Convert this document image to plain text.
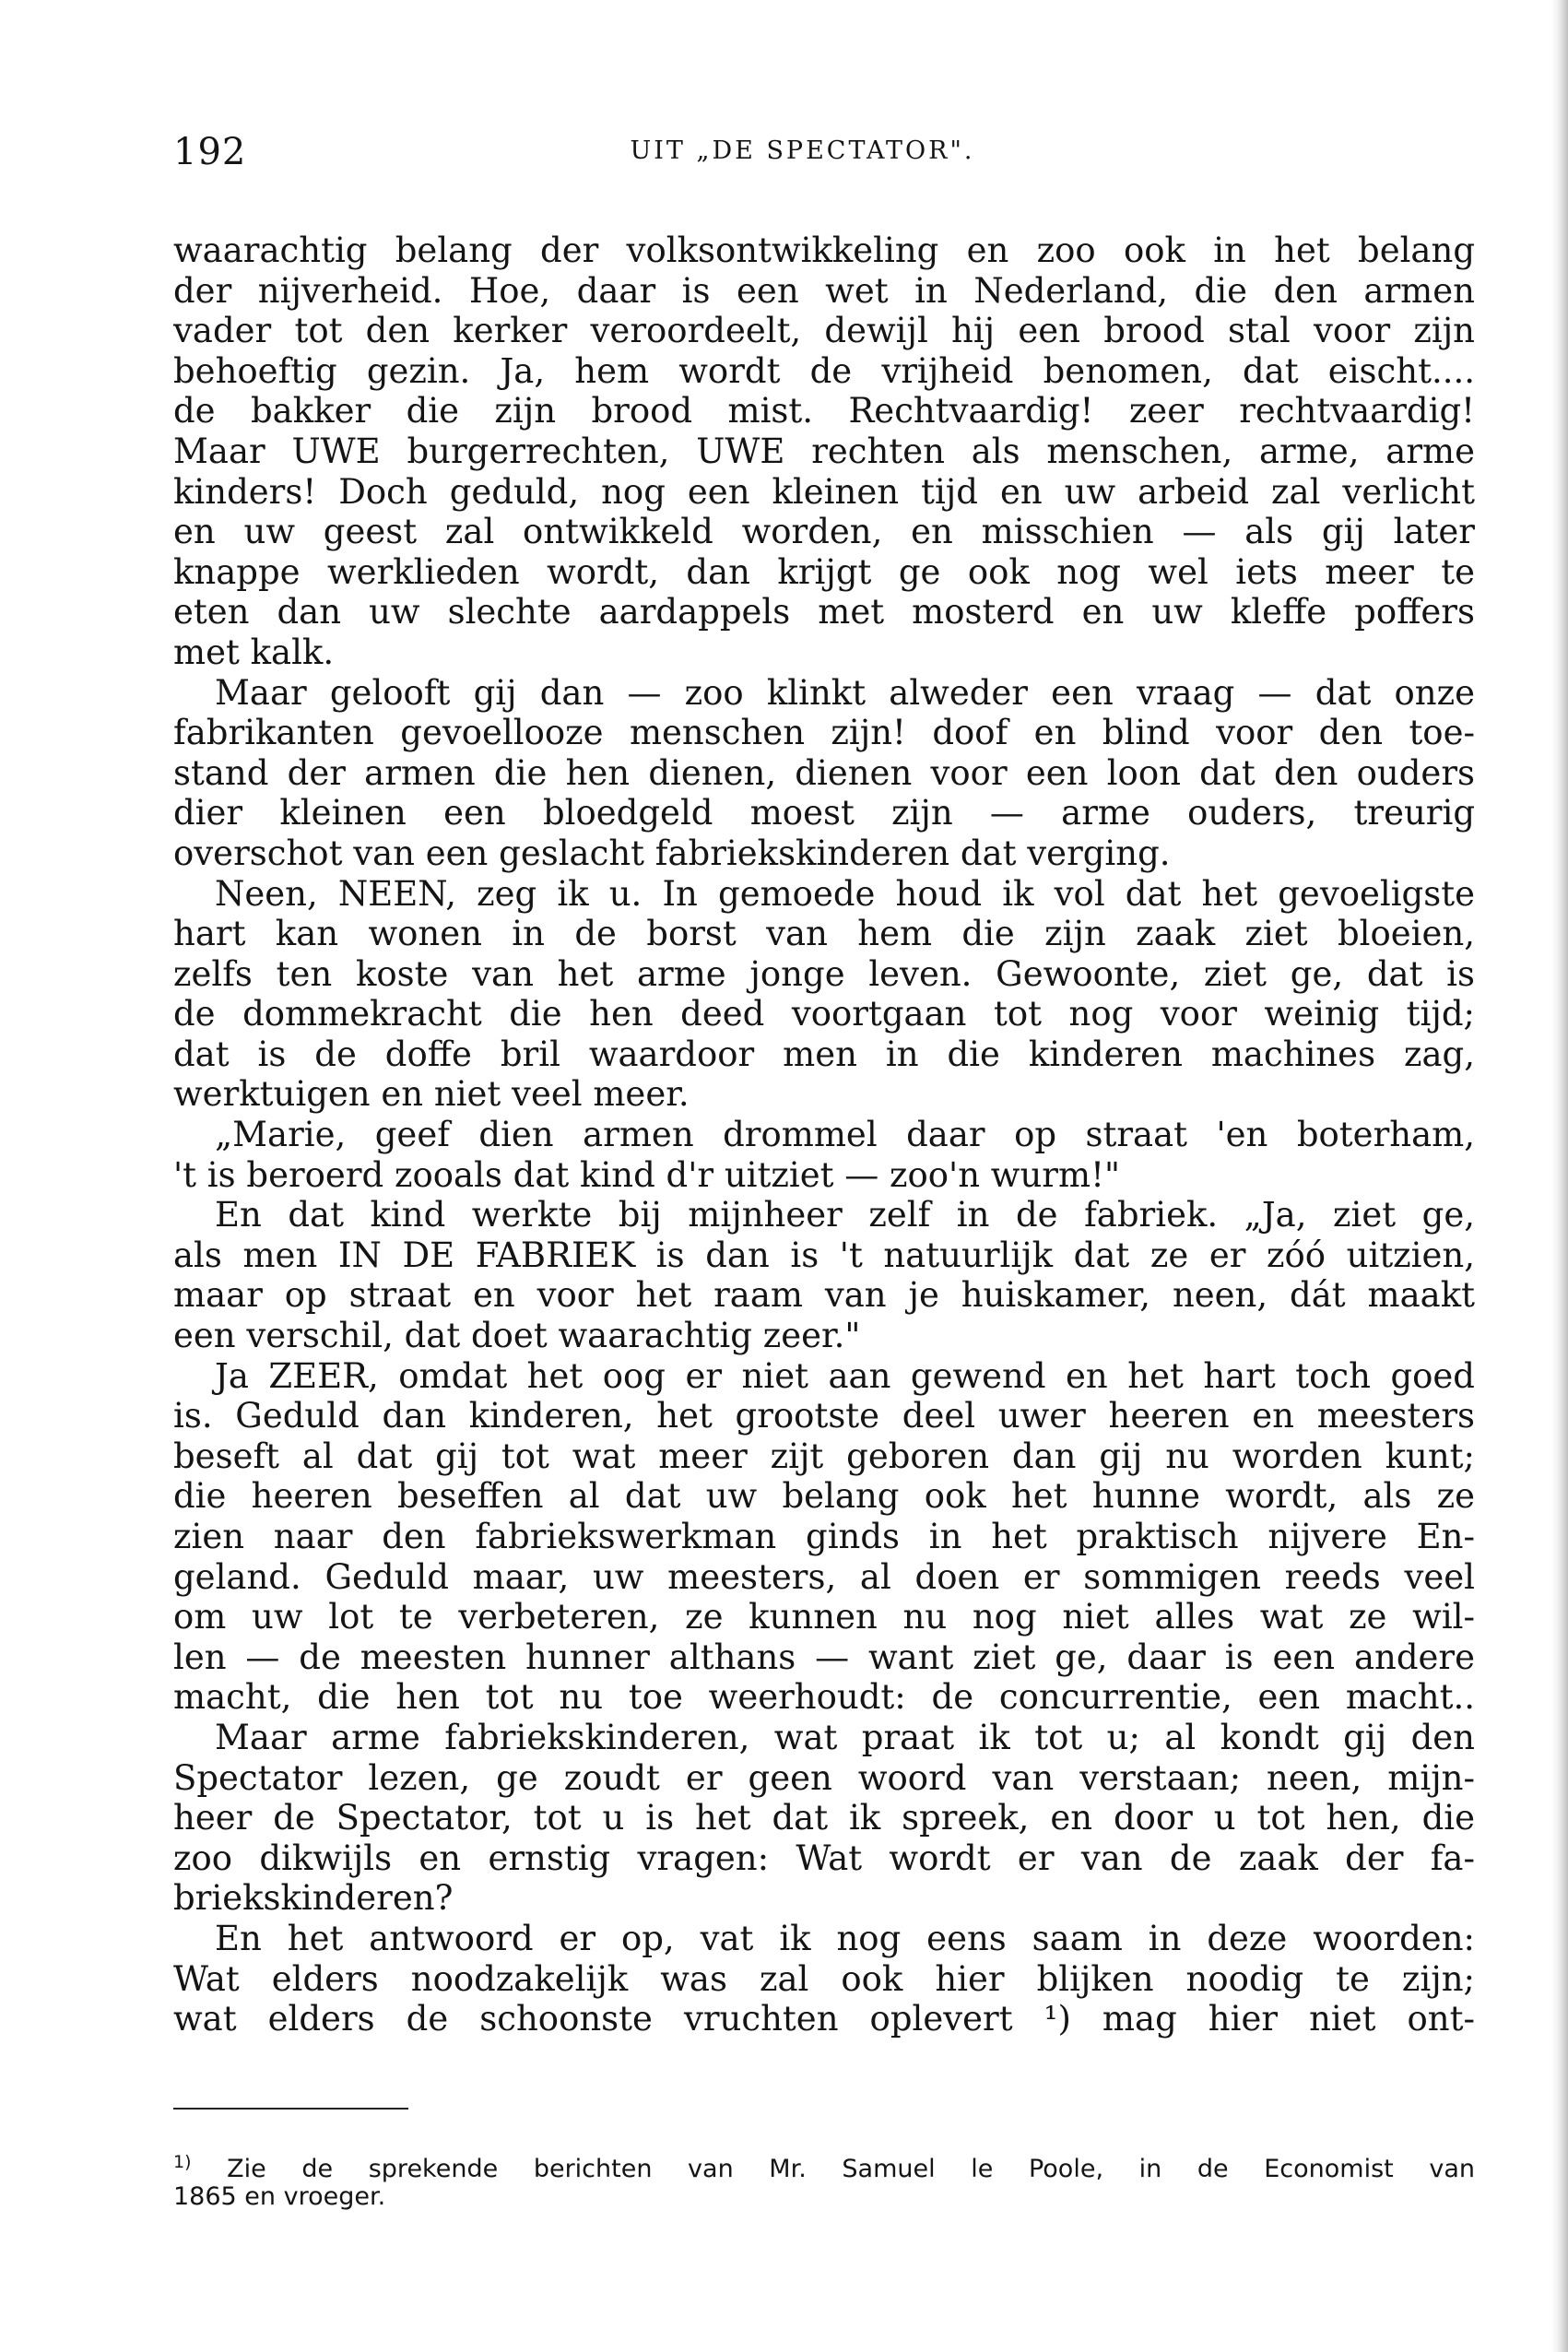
192	UIT „DE SPECTATOR".
waarachtig belang der volksontwikkeling en zoo ook in het belang
der nijverheid. Hoe, daar is een wet in Nederland, die den armen
vader tot den kerker veroordeelt, dewijl hij een brood stal voor zijn
behoeftig gezin. Ja, hem wordt de vrijheid benomen, dat eischt....
de bakker die zijn brood mist. Rechtvaardig! zeer rechtvaardig!
Maar UWE burgerrechten, UWE rechten als menschen, arme, arme
kinders! Doch geduld, nog een kleinen tijd en uw arbeid zal verlicht
en uw geest zal ontwikkeld worden, en misschien — als gij later
knappe werklieden wordt, dan krijgt ge ook nog wel iets meer te
eten dan uw slechte aardappels met mosterd en uw kleffe poffers
met kalk.
Maar gelooft gij dan — zoo klinkt alweder een vraag — dat onze
fabrikanten gevoellooze menschen zijn! doof en blind voor den toe-
stand der armen die hen dienen, dienen voor een loon dat den ouders
dier kleinen een bloedgeld moest zijn — arme ouders, treurig
overschot van een geslacht fabriekskinderen dat verging.
Neen, NEEN, zeg ik u. In gemoede houd ik vol dat het gevoeligste
hart kan wonen in de borst van hem die zijn zaak ziet bloeien,
zelfs ten koste van het arme jonge leven. Gewoonte, ziet ge, dat is
de dommekracht die hen deed voortgaan tot nog voor weinig tijd;
dat is de doffe bril waardoor men in die kinderen machines zag,
werktuigen en niet veel meer.
„Marie, geef dien armen drommel daar op straat 'en boterham,
't is beroerd zooals dat kind d'r uitziet — zoo'n wurm!"
En dat kind werkte bij mijnheer zelf in de fabriek. „Ja, ziet ge,
als men IN DE FABRIEK is dan is 't natuurlijk dat ze er zóó uitzien,
maar op straat en voor het raam van je huiskamer, neen, dát maakt
een verschil, dat doet waarachtig zeer."
Ja ZEER, omdat het oog er niet aan gewend en het hart toch goed
is. Geduld dan kinderen, het grootste deel uwer heeren en meesters
beseft al dat gij tot wat meer zijt geboren dan gij nu worden kunt;
die heeren beseffen al dat uw belang ook het hunne wordt, als ze
zien naar den fabriekswerkman ginds in het praktisch nijvere En-
geland. Geduld maar, uw meesters, al doen er sommigen reeds veel
om uw lot te verbeteren, ze kunnen nu nog niet alles wat ze wil-
len — de meesten hunner althans — want ziet ge, daar is een andere
macht, die hen tot nu toe weerhoudt: de concurrentie, een macht..
Maar arme fabriekskinderen, wat praat ik tot u; al kondt gij den
Spectator lezen, ge zoudt er geen woord van verstaan; neen, mijn-
heer de Spectator, tot u is het dat ik spreek, en door u tot hen, die
zoo dikwijls en ernstig vragen: Wat wordt er van de zaak der fa-
briekskinderen?
En het antwoord er op, vat ik nog eens saam in deze woorden:
Wat elders noodzakelijk was zal ook hier blijken noodig te zijn;
wat elders de schoonste vruchten oplevert ¹) mag hier niet ont-
$^{1)}$ Zie de sprekende berichten van Mr. Samuel le Poole, in de Economist van
1865 en vroeger.
